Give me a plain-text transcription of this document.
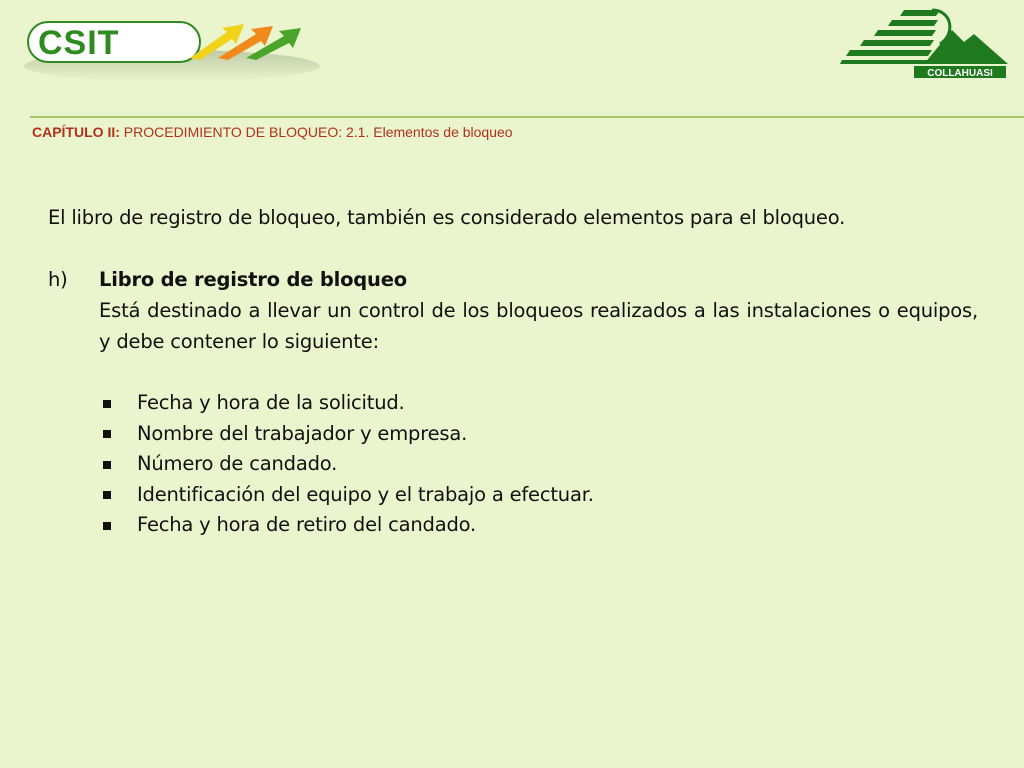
CSIT
COLLAHUASI
CAPÍTULO II: PROCEDIMIENTO DE BLOQUEO: 2.1. Elementos de bloqueo

El libro de registro de bloqueo, también es considerado elementos para el bloqueo.

h)	Libro de registro de bloqueo

Está destinado a llevar un control de los bloqueos realizados a las instalaciones o equipos, y debe contener lo siguiente:

Fecha y hora de la solicitud.
Nombre del trabajador y empresa.
Número de candado.
Identificación del equipo y el trabajo a efectuar.
Fecha y hora de retiro del candado.
